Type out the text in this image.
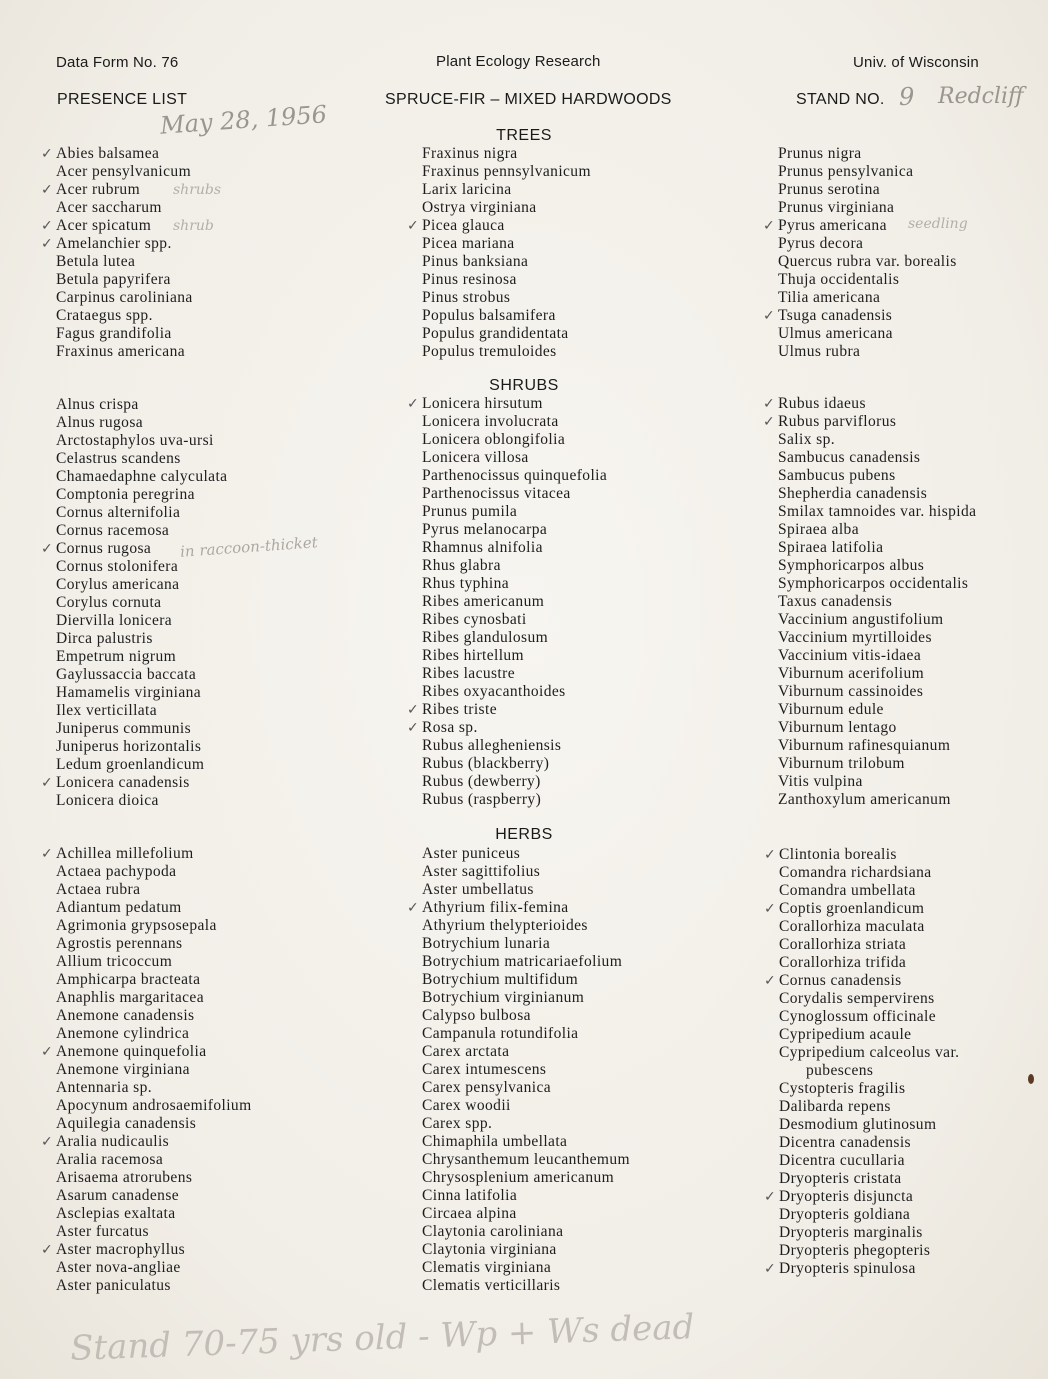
Data Form No. 76	Plant Ecology Research	Univ. of Wisconsin
PRESENCE LIST	SPRUCE-FIR – MIXED HARDWOODS	STAND NO. 9 Redcliff
May 28, 1956
shrubs
shrub	seedling
in raccoon-thicket
Stand 70-75 yrs old - Wp + Ws dead
TREES
SHRUBS
HERBS
✓ Abies balsamea
Acer pensylvanicum
✓ Acer rubrum
Acer saccharum
✓ Acer spicatum
✓ Amelanchier spp.
Betula lutea
Betula papyrifera
Carpinus caroliniana
Crataegus spp.
Fagus grandifolia
Fraxinus americana
Fraxinus nigra
Fraxinus pennsylvanicum
Larix laricina
Ostrya virginiana
✓ Picea glauca
Picea mariana
Pinus banksiana
Pinus resinosa
Pinus strobus
Populus balsamifera
Populus grandidentata
Populus tremuloides
Prunus nigra
Prunus pensylvanica
Prunus serotina
Prunus virginiana
✓ Pyrus americana
Pyrus decora
Quercus rubra var. borealis
Thuja occidentalis
Tilia americana
✓ Tsuga canadensis
Ulmus americana
Ulmus rubra
Alnus crispa
Alnus rugosa
Arctostaphylos uva-ursi
Celastrus scandens
Chamaedaphne calyculata
Comptonia peregrina
Cornus alternifolia
Cornus racemosa
✓ Cornus rugosa
Cornus stolonifera
Corylus americana
Corylus cornuta
Diervilla lonicera
Dirca palustris
Empetrum nigrum
Gaylussaccia baccata
Hamamelis virginiana
Ilex verticillata
Juniperus communis
Juniperus horizontalis
Ledum groenlandicum
✓ Lonicera canadensis
Lonicera dioica
✓ Lonicera hirsutum
Lonicera involucrata
Lonicera oblongifolia
Lonicera villosa
Parthenocissus quinquefolia
Parthenocissus vitacea
Prunus pumila
Pyrus melanocarpa
Rhamnus alnifolia
Rhus glabra
Rhus typhina
Ribes americanum
Ribes cynosbati
Ribes glandulosum
Ribes hirtellum
Ribes lacustre
Ribes oxyacanthoides
✓ Ribes triste
✓ Rosa sp.
Rubus allegheniensis
Rubus (blackberry)
Rubus (dewberry)
Rubus (raspberry)
✓ Rubus idaeus
✓ Rubus parviflorus
Salix sp.
Sambucus canadensis
Sambucus pubens
Shepherdia canadensis
Smilax tamnoides var. hispida
Spiraea alba
Spiraea latifolia
Symphoricarpos albus
Symphoricarpos occidentalis
Taxus canadensis
Vaccinium angustifolium
Vaccinium myrtilloides
Vaccinium vitis-idaea
Viburnum acerifolium
Viburnum cassinoides
Viburnum edule
Viburnum lentago
Viburnum rafinesquianum
Viburnum trilobum
Vitis vulpina
Zanthoxylum americanum
✓ Achillea millefolium
Actaea pachypoda
Actaea rubra
Adiantum pedatum
Agrimonia grypsosepala
Agrostis perennans
Allium tricoccum
Amphicarpa bracteata
Anaphlis margaritacea
Anemone canadensis
Anemone cylindrica
✓ Anemone quinquefolia
Anemone virginiana
Antennaria sp.
Apocynum androsaemifolium
Aquilegia canadensis
✓ Aralia nudicaulis
Aralia racemosa
Arisaema atrorubens
Asarum canadense
Asclepias exaltata
Aster furcatus
✓ Aster macrophyllus
Aster nova-angliae
Aster paniculatus
Aster puniceus
Aster sagittifolius
Aster umbellatus
✓ Athyrium filix-femina
Athyrium thelypterioides
Botrychium lunaria
Botrychium matricariaefolium
Botrychium multifidum
Botrychium virginianum
Calypso bulbosa
Campanula rotundifolia
Carex arctata
Carex intumescens
Carex pensylvanica
Carex woodii
Carex spp.
Chimaphila umbellata
Chrysanthemum leucanthemum
Chrysosplenium americanum
Cinna latifolia
Circaea alpina
Claytonia caroliniana
Claytonia virginiana
Clematis virginiana
Clematis verticillaris
✓ Clintonia borealis
Comandra richardsiana
Comandra umbellata
✓ Coptis groenlandicum
Corallorhiza maculata
Corallorhiza striata
Corallorhiza trifida
✓ Cornus canadensis
Corydalis sempervirens
Cynoglossum officinale
Cypripedium acaule
Cypripedium calceolus var.
pubescens
Cystopteris fragilis
Dalibarda repens
Desmodium glutinosum
Dicentra canadensis
Dicentra cucullaria
Dryopteris cristata
✓ Dryopteris disjuncta
Dryopteris goldiana
Dryopteris marginalis
Dryopteris phegopteris
✓ Dryopteris spinulosa
